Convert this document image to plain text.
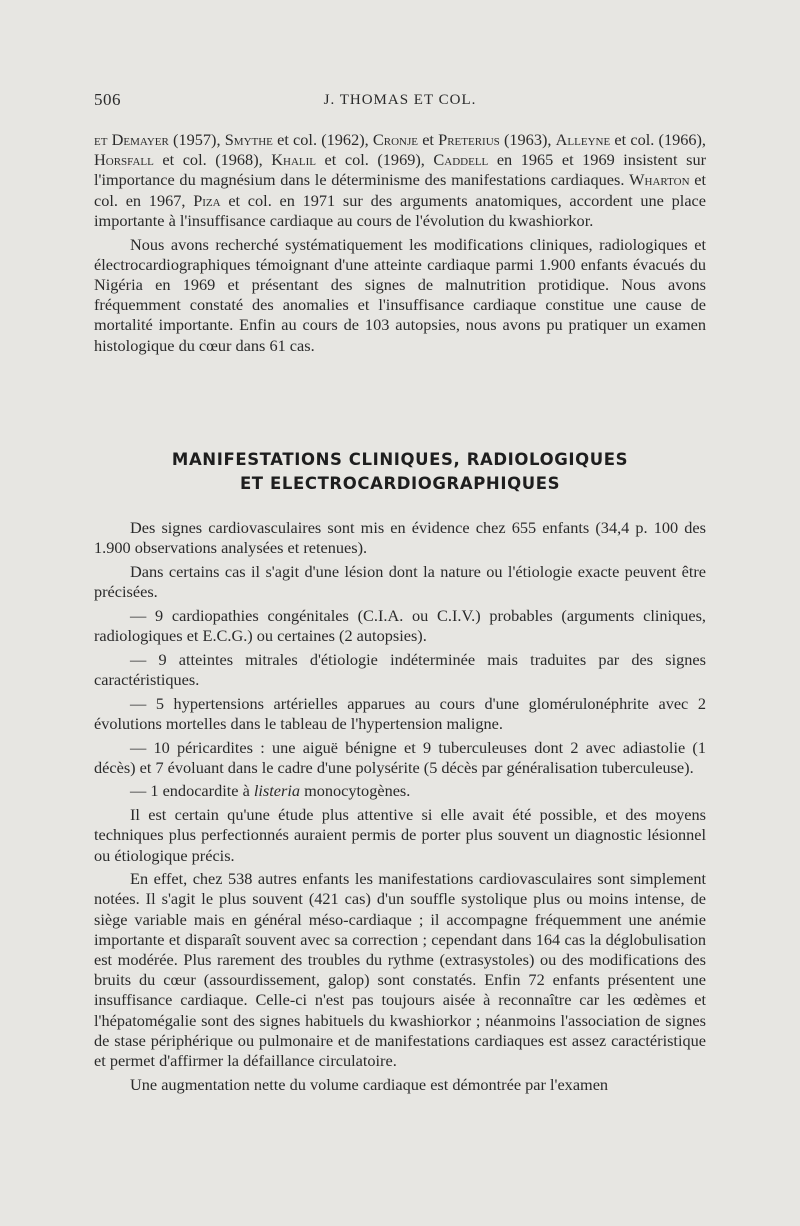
506	J. THOMAS ET COL.

et Demayer (1957), Smythe et col. (1962), Cronje et Preterius (1963), Alleyne et col. (1966), Horsfall et col. (1968), Khalil et col. (1969), Caddell en 1965 et 1969 insistent sur l'importance du magnésium dans le déterminisme des manifestations cardiaques. Wharton et col. en 1967, Piza et col. en 1971 sur des arguments anatomiques, accordent une place importante à l'insuffisance cardiaque au cours de l'évolution du kwashiorkor.

Nous avons recherché systématiquement les modifications cliniques, radiologiques et électrocardiographiques témoignant d'une atteinte cardiaque parmi 1.900 enfants évacués du Nigéria en 1969 et présentant des signes de malnutrition protidique. Nous avons fréquemment constaté des anomalies et l'insuffisance cardiaque constitue une cause de mortalité importante. Enfin au cours de 103 autopsies, nous avons pu pratiquer un examen histologique du cœur dans 61 cas.

MANIFESTATIONS CLINIQUES, RADIOLOGIQUES
ET ELECTROCARDIOGRAPHIQUES

Des signes cardiovasculaires sont mis en évidence chez 655 enfants (34,4 p. 100 des 1.900 observations analysées et retenues).

Dans certains cas il s'agit d'une lésion dont la nature ou l'étiologie exacte peuvent être précisées.

— 9 cardiopathies congénitales (C.I.A. ou C.I.V.) probables (arguments cliniques, radiologiques et E.C.G.) ou certaines (2 autopsies).

— 9 atteintes mitrales d'étiologie indéterminée mais traduites par des signes caractéristiques.

— 5 hypertensions artérielles apparues au cours d'une glomérulonéphrite avec 2 évolutions mortelles dans le tableau de l'hypertension maligne.

— 10 péricardites : une aiguë bénigne et 9 tuberculeuses dont 2 avec adiastolie (1 décès) et 7 évoluant dans le cadre d'une polysérite (5 décès par généralisation tuberculeuse).

— 1 endocardite à listeria monocytogènes.

Il est certain qu'une étude plus attentive si elle avait été possible, et des moyens techniques plus perfectionnés auraient permis de porter plus souvent un diagnostic lésionnel ou étiologique précis.

En effet, chez 538 autres enfants les manifestations cardiovasculaires sont simplement notées. Il s'agit le plus souvent (421 cas) d'un souffle systolique plus ou moins intense, de siège variable mais en général méso-cardiaque ; il accompagne fréquemment une anémie importante et disparaît souvent avec sa correction ; cependant dans 164 cas la déglobulisation est modérée. Plus rarement des troubles du rythme (extrasystoles) ou des modifications des bruits du cœur (assourdissement, galop) sont constatés. Enfin 72 enfants présentent une insuffisance cardiaque. Celle-ci n'est pas toujours aisée à reconnaître car les œdèmes et l'hépatomégalie sont des signes habituels du kwashiorkor ; néanmoins l'association de signes de stase périphérique ou pulmonaire et de manifestations cardiaques est assez caractéristique et permet d'affirmer la défaillance circulatoire.

Une augmentation nette du volume cardiaque est démontrée par l'examen
